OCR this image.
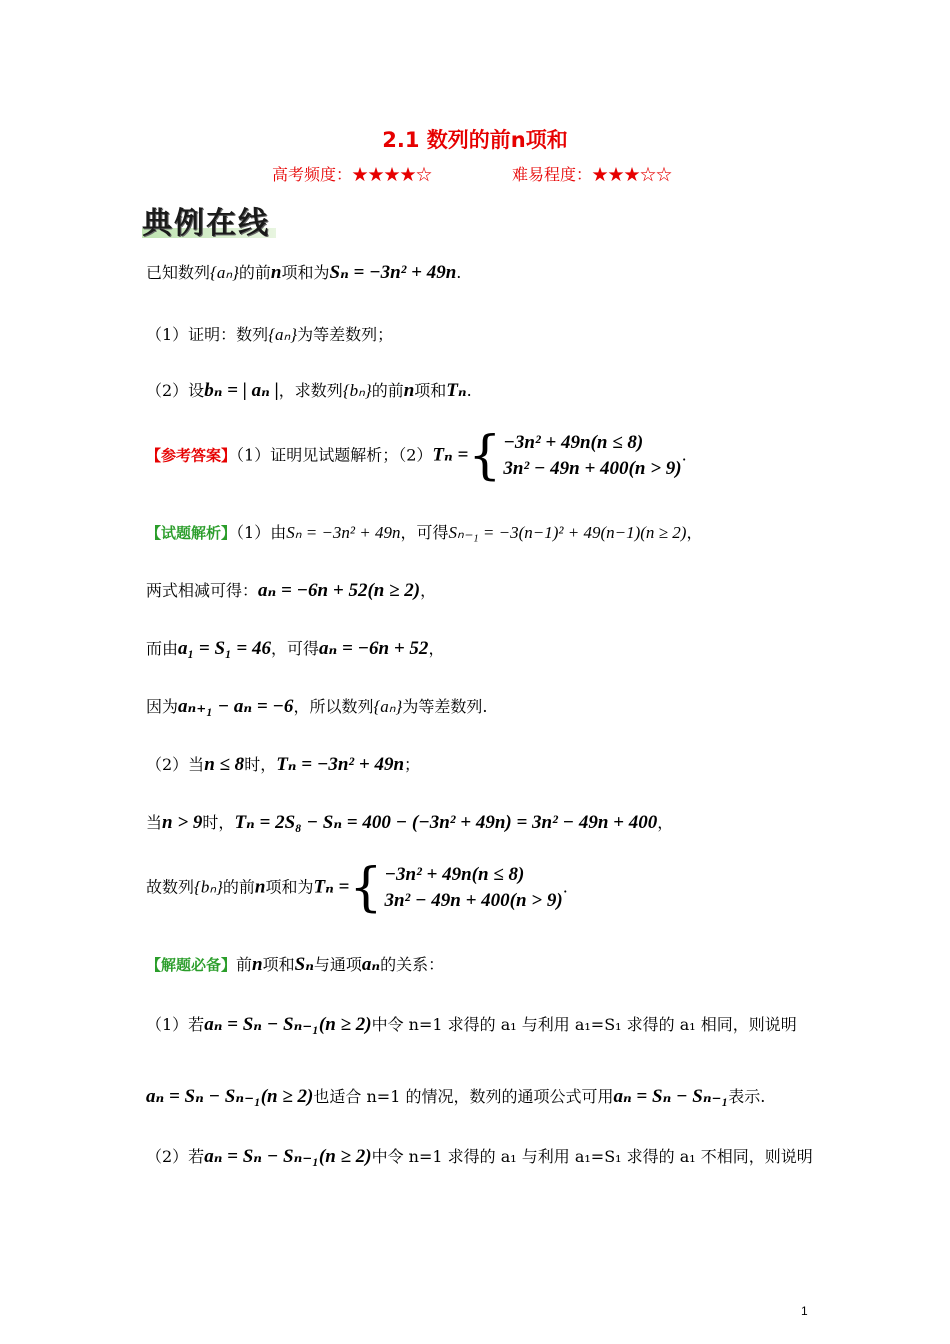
2.1 数列的前n项和
高考频度：★★★★☆	难易程度：★★★☆☆
典例在线
已知数列{aₙ}的前n项和为Sₙ = −3n² + 49n.
（1）证明：数列{aₙ}为等差数列；
（2）设bₙ = | aₙ |，求数列{bₙ}的前n项和Tₙ.
【参考答案】（1）证明见试题解析；（2）Tₙ = { −3n² + 49n(n ≤ 8)
3n² − 49n + 400(n > 9)
.
【试题解析】（1）由Sₙ = −3n² + 49n，可得Sₙ₋₁ = −3(n−1)² + 49(n−1)(n ≥ 2)，
两式相减可得：aₙ = −6n + 52(n ≥ 2)，
而由a₁ = S₁ = 46，可得aₙ = −6n + 52，
因为aₙ₊₁ − aₙ = −6，所以数列{aₙ}为等差数列.
（2）当n ≤ 8时，Tₙ = −3n² + 49n；
当n > 9时，Tₙ = 2S₈ − Sₙ = 400 − (−3n² + 49n) = 3n² − 49n + 400，
故数列{bₙ}的前n项和为Tₙ = { −3n² + 49n(n ≤ 8)
3n² − 49n + 400(n > 9)
.
【解题必备】前n项和Sₙ与通项aₙ的关系：
（1）若aₙ = Sₙ − Sₙ₋₁(n ≥ 2)中令 n=1 求得的 a₁ 与利用 a₁=S₁ 求得的 a₁ 相同，则说明
aₙ = Sₙ − Sₙ₋₁(n ≥ 2)也适合 n=1 的情况，数列的通项公式可用aₙ = Sₙ − Sₙ₋₁表示.
（2）若aₙ = Sₙ − Sₙ₋₁(n ≥ 2)中令 n=1 求得的 a₁ 与利用 a₁=S₁ 求得的 a₁ 不相同，则说明
1
